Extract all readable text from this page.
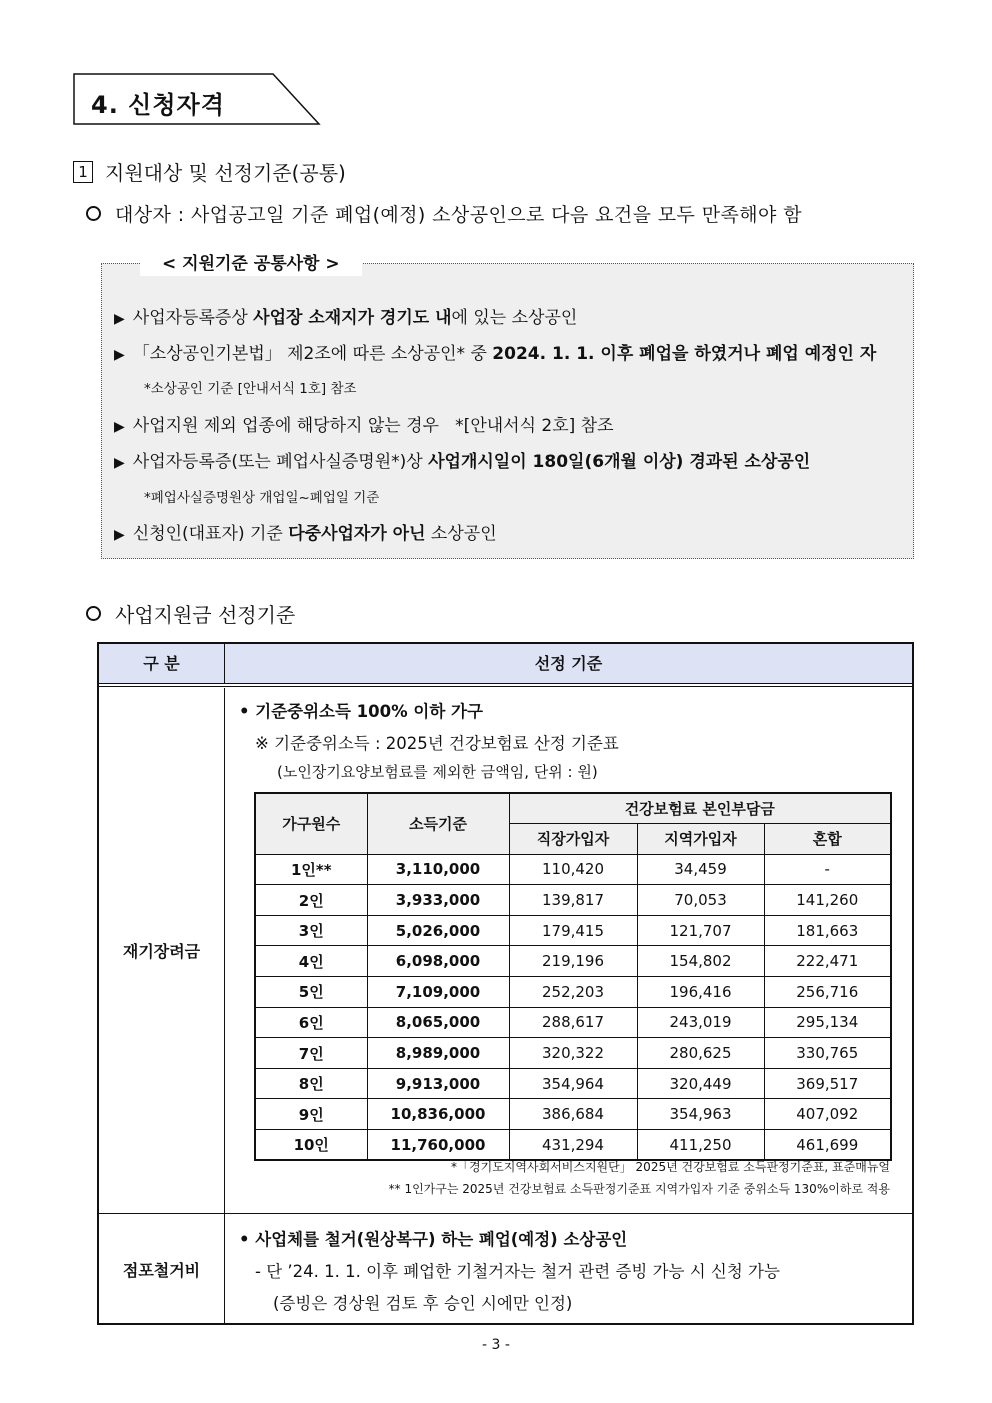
4. 신청자격
1 지원대상 및 선정기준(공통)
대상자 : 사업공고일 기준 폐업(예정) 소상공인으로 다음 요건을 모두 만족해야 함
< 지원기준 공통사항 >
▶ 사업자등록증상 사업장 소재지가 경기도 내에 있는 소상공인
▶ 「소상공인기본법」 제2조에 따른 소상공인* 중 2024. 1. 1. 이후 폐업을 하였거나 폐업 예정인 자
*소상공인 기준 [안내서식 1호] 참조
▶ 사업지원 제외 업종에 해당하지 않는 경우   *[안내서식 2호] 참조
▶ 사업자등록증(또는 폐업사실증명원*)상 사업개시일이 180일(6개월 이상) 경과된 소상공인
*폐업사실증명원상 개업일~폐업일 기준
▶ 신청인(대표자) 기준 다중사업자가 아닌 소상공인
사업지원금 선정기준
구 분	선정 기준
재기장려금
• 기준중위소득 100% 이하 가구
※ 기준중위소득 : 2025년 건강보험료 산정 기준표
(노인장기요양보험료를 제외한 금액임, 단위 : 원)
가구원수	소득기준	건강보험료 본인부담금		
		직장가입자	지역가입자	혼합
1인**	3,110,000	110,420	34,459	-
2인	3,933,000	139,817	70,053	141,260
3인	5,026,000	179,415	121,707	181,663
4인	6,098,000	219,196	154,802	222,471
5인	7,109,000	252,203	196,416	256,716
6인	8,065,000	288,617	243,019	295,134
7인	8,989,000	320,322	280,625	330,765
8인	9,913,000	354,964	320,449	369,517
9인	10,836,000	386,684	354,963	407,092
10인	11,760,000	431,294	411,250	461,699
*「경기도지역사회서비스지원단」 2025년 건강보험료 소득판정기준표, 표준매뉴얼
** 1인가구는 2025년 건강보험료 소득판정기준표 지역가입자 기준 중위소득 130%이하로 적용
점포철거비
• 사업체를 철거(원상복구) 하는 폐업(예정) 소상공인
- 단 ’24. 1. 1. 이후 폐업한 기철거자는 철거 관련 증빙 가능 시 신청 가능
(증빙은 경상원 검토 후 승인 시에만 인정)
- 3 -
